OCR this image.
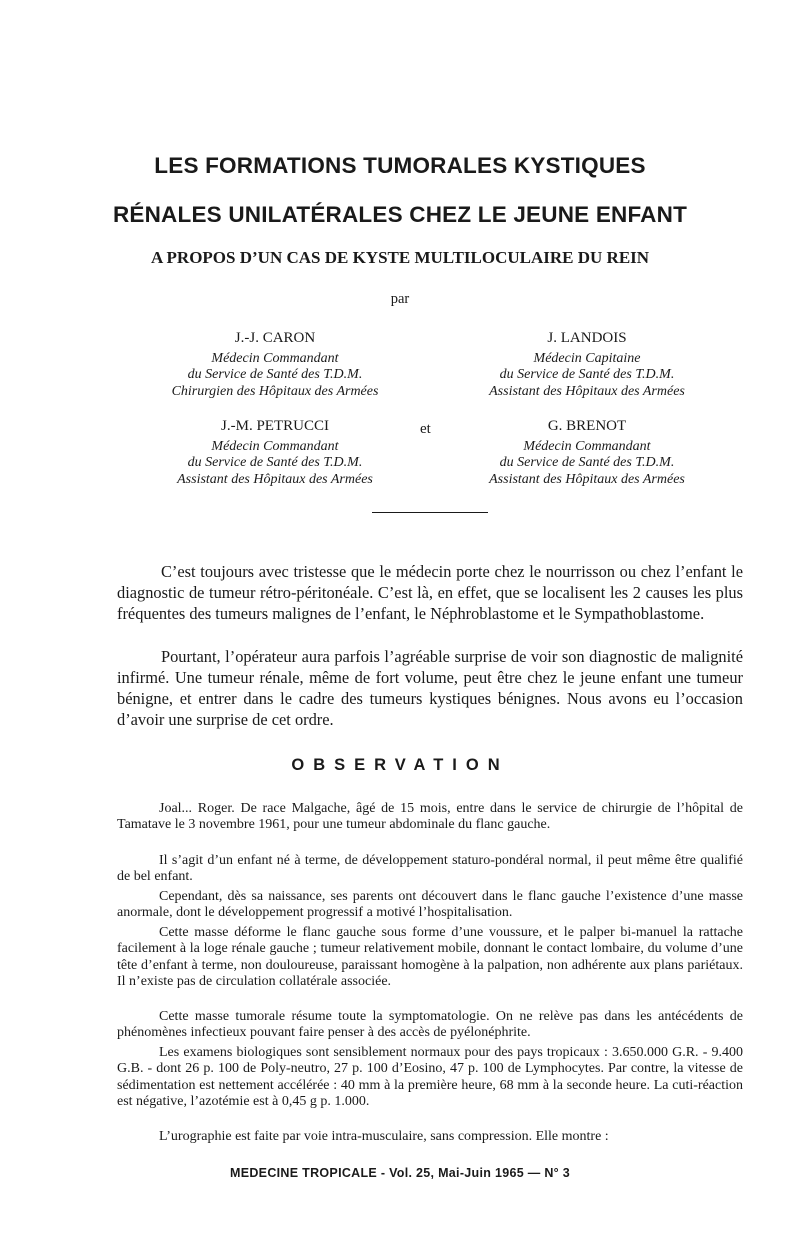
LES FORMATIONS TUMORALES KYSTIQUES
RÉNALES UNILATÉRALES CHEZ LE JEUNE ENFANT
A PROPOS D’UN CAS DE KYSTE MULTILOCULAIRE DU REIN
par
J.-J. CARON
Médecin Commandant
du Service de Santé des T.D.M.
Chirurgien des Hôpitaux des Armées
J. LANDOIS
Médecin Capitaine
du Service de Santé des T.D.M.
Assistant des Hôpitaux des Armées
J.-M. PETRUCCI
Médecin Commandant
du Service de Santé des T.D.M.
Assistant des Hôpitaux des Armées
et	G. BRENOT
Médecin Commandant
du Service de Santé des T.D.M.
Assistant des Hôpitaux des Armées

C’est toujours avec tristesse que le médecin porte chez le nourrisson ou chez l’enfant le diagnostic de tumeur rétro-péritonéale. C’est là, en effet, que se localisent les 2 causes les plus fréquentes des tumeurs malignes de l’enfant, le Néphroblastome et le Sympathoblastome.

Pourtant, l’opérateur aura parfois l’agréable surprise de voir son diagnostic de malignité infirmé. Une tumeur rénale, même de fort volume, peut être chez le jeune enfant une tumeur bénigne, et entrer dans le cadre des tumeurs kystiques bénignes. Nous avons eu l’occasion d’avoir une surprise de cet ordre.

OBSERVATION

Joal... Roger. De race Malgache, âgé de 15 mois, entre dans le service de chirurgie de l’hôpital de Tamatave le 3 novembre 1961, pour une tumeur abdominale du flanc gauche.

Il s’agit d’un enfant né à terme, de développement staturo-pondéral normal, il peut même être qualifié de bel enfant.

Cependant, dès sa naissance, ses parents ont découvert dans le flanc gauche l’existence d’une masse anormale, dont le développement progressif a motivé l’hospitalisation.

Cette masse déforme le flanc gauche sous forme d’une voussure, et le palper bi-manuel la rattache facilement à la loge rénale gauche ; tumeur relativement mobile, donnant le contact lombaire, du volume d’une tête d’enfant à terme, non douloureuse, paraissant homogène à la palpation, non adhérente aux plans pariétaux. Il n’existe pas de circulation collatérale associée.

Cette masse tumorale résume toute la symptomatologie. On ne relève pas dans les antécédents de phénomènes infectieux pouvant faire penser à des accès de pyélonéphrite.

Les examens biologiques sont sensiblement normaux pour des pays tropicaux : 3.650.000 G.R. - 9.400 G.B. - dont 26 p. 100 de Poly-neutro, 27 p. 100 d’Eosino, 47 p. 100 de Lymphocytes. Par contre, la vitesse de sédimentation est nettement accélérée : 40 mm à la première heure, 68 mm à la seconde heure. La cuti-réaction est négative, l’azotémie est à 0,45 g p. 1.000.

L’urographie est faite par voie intra-musculaire, sans compression. Elle montre :

MEDECINE TROPICALE - Vol. 25, Mai-Juin 1965 — N° 3
